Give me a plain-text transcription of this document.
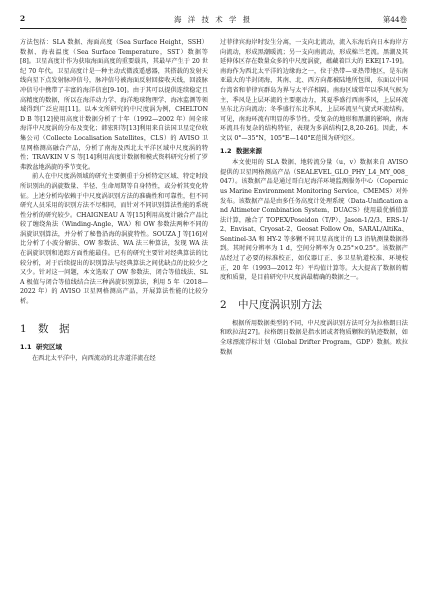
2	海 洋 技 术 学 报	第44卷

方法包括：SLA 数据、海面高度（Sea Surface Height，SSH）数据、海表温度（Sea Surface Temperature，SST）数据等[8]。卫星高度计作为获取海面高度的重要载具，其最早产生于 20 世纪 70 年代。卫星高度计是一种主动式微波遥感器，其搭载的发射天线向星下点发射脉冲信号，脉冲信号被海面反射回接收天线，回波脉冲信号中携带了丰富的海洋信息[9-10]。由于其可以提供连续稳定且高精度的数据，所以在海洋动力学、海洋地球物理学、海冰监测等领域得到广泛应用[11]。以本文所研究的中尺度涡为例，CHELTON D B 等[12]使用高度计数据分析了十年（1992—2002 年）间全球海洋中尺度涡的分布及变化；韩宏阳等[13]利用来自法国卫星定位收集公司（Collecte Localisation Satellites，CLS）的 AVISO 卫星网格测高融合产品，分析了南海及西北太平洋区域中尺度涡的特性；TRAVKIN V S 等[14]利用高度计数据和模式资料研究分析了罗弗敦盆地涡旋的季节变化。

前人在中尺度涡领域的研究主要侧重于分析特定区域、特定时段所识别出的涡旋数量、半径、生命周期等自身特性，或分析其变化特征。上述分析均依赖于中尺度涡识别方法的准确性和可靠性，但不同研究人员采用的识别方法不尽相同，而针对不同识别算法性能的系统性分析的研究较少。CHAIGNEAU A 等[15]利用高度计融合产品比较了缠绕角法（Winding-Angle，WA）和 OW 参数法两种不同的涡旋识别算法，并分析了秘鲁沿海的涡旋特性。SOUZA J 等[16]对比分析了小波分解法、OW 参数法、WA 法三种算法，发现 WA 法在涡旋识别和追踪方面性能最佳。已有的研究主要针对经典算法的比较分析，对于后续提出的识别算法与经典算法之间优缺点的比较少之又少。针对这一问题，本文选取了 OW 参数法、闭合等值线法、SLA 极值与闭合等值线结合法三种涡旋识别算法，利用 5 年（2018—2022 年）的 AVISO 卫星网格测高产品，开展算法性能的比较分析。

1 数　据
1.1 研究区域

在西北太平洋中，向西流动的北赤道洋流在经

过菲律宾海岸时发生分离，一支向北流动，流入东海后向日本海岸方向流动，形成黑潮暖流；另一支向南流动，形成棉兰老流。黑潮及其延伸体区存在数量众多的中尺度涡旋，蕴藏着巨大的 EKE[17-19]。南海作为西北太平洋的边缘海之一，位于热带—亚热带地区，是东南亚最大的半封闭海，其南、北、西方向都被陆地所包围，东面以中国台湾省和菲律宾群岛为界与太平洋相隔。南海区域常年以季风气候为主，季风是上层环流的主要驱动力，其夏季盛行西南季风，上层环流呈东北方向流动；冬季盛行东北季风，上层环流呈气旋式环流结构。可见，南海环流有明显的季节性。受复杂的地形和黑潮的影响，南海环流具有复杂的结构特征，表现为多涡结构[2,8,20-26]。因此，本文以 0°—35°N，105°E—140°E范围为研究区。

1.2 数据来源

本文使用的 SLA 数据、地转流分量（u，v）数据来自 AVISO 提供的卫星网格测高产品（SEALEVEL_GLO_PHY_L4_MY_008_047）。该数据产品是通过哥白尼海洋环境监测服务中心（Copernicus Marine Environment Monitoring Service，CMEMS）对外发布。该数据产品是由多任务高度计处理系统（Data-Unification and Altimeter Combination System，DUACS）使用最优插值算法计算，融合了 TOPEX/Poseidon（T/P）、Jason-1/2/3、ERS-1/2、Envisat、Cryosat-2、Geosat Follow On、SARAL/AltiKa、Sentinel-3A 和 HY-2 等多颗不同卫星高度计的 L3 沿轨测量数据得到。其时间分辨率为 1 d，空间分辨率为 0.25°×0.25°。该数据产品经过了必要的标准校正，如仪器订正、多卫星轨道校准、环境校正，20 年（1993—2012 年）平均值计算等。大大提高了数据的精度和质量，是目前研究中尺度涡最精确的数据之一。

2 中尺度涡识别方法

根据所用数据类型的不同，中尺度涡识别方法可分为拉格朗日法和欧拉法[27]。拉格朗日数据是指水团或者物质颗粒的轨迹数据，如全球漂流浮标计划（Global Drifter Program，GDP）数据。欧拉数据
